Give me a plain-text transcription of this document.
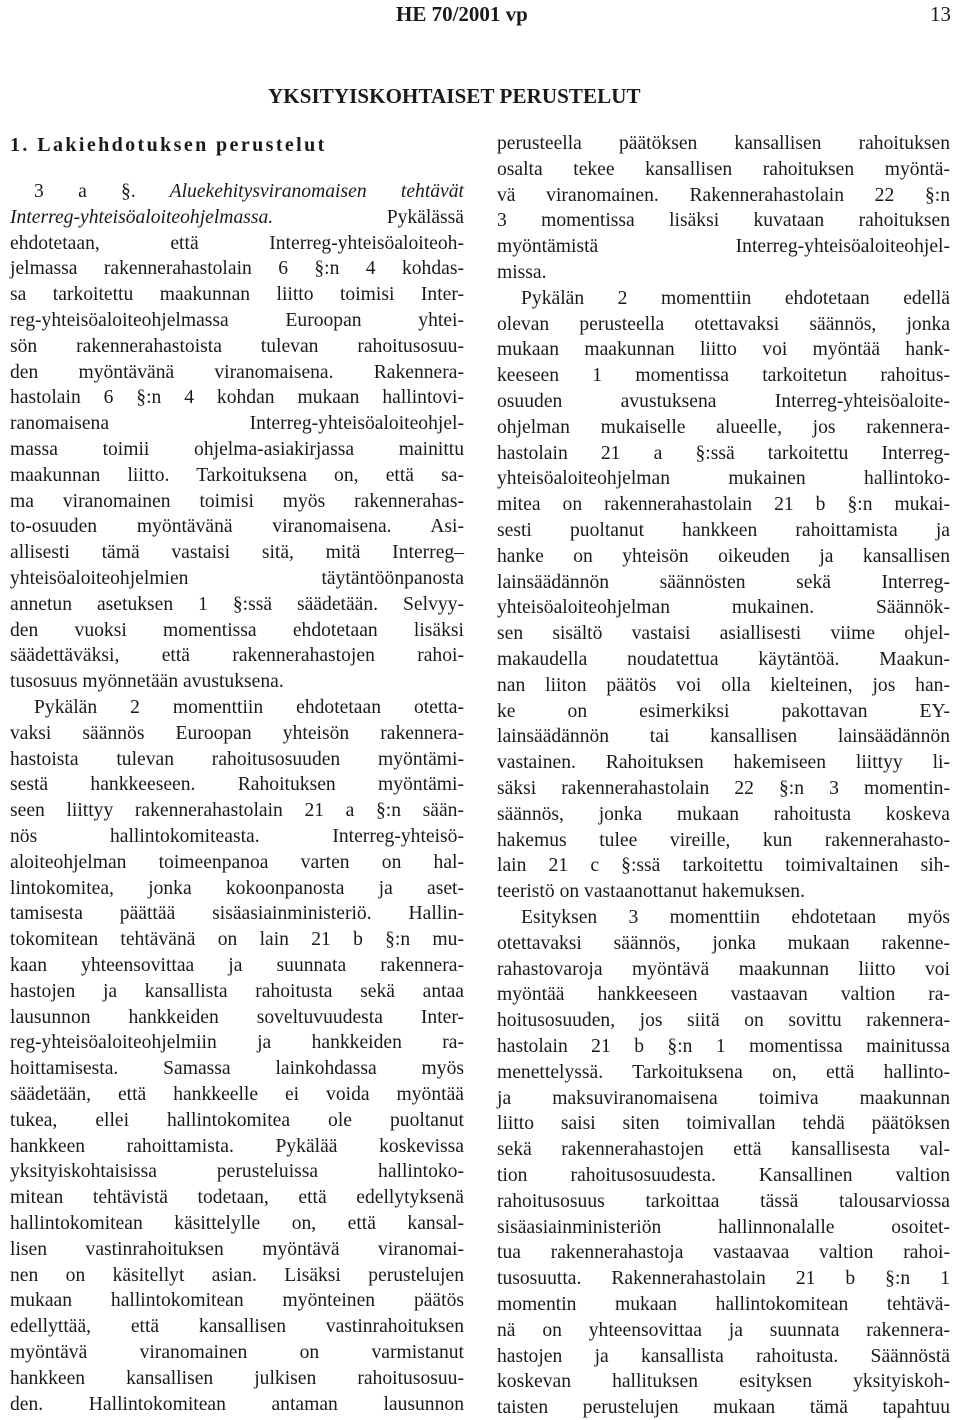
HE 70/2001 vp	13
YKSITYISKOHTAISET PERUSTELUT
1. Lakiehdotuksen perustelut
3 a §. Aluekehitysviranomaisen tehtävät
Interreg-yhteisöaloiteohjelmassa. Pykälässä
ehdotetaan, että Interreg-yhteisöaloiteoh-
jelmassa rakennerahastolain 6 §:n 4 kohdas-
sa tarkoitettu maakunnan liitto toimisi Inter-
reg-yhteisöaloiteohjelmassa Euroopan yhtei-
sön rakennerahastoista tulevan rahoitusosuu-
den myöntävänä viranomaisena. Rakennera-
hastolain 6 §:n 4 kohdan mukaan hallintovi-
ranomaisena Interreg-yhteisöaloiteohjel-
massa toimii ohjelma-asiakirjassa mainittu
maakunnan liitto. Tarkoituksena on, että sa-
ma viranomainen toimisi myös rakennerahas-
to-osuuden myöntävänä viranomaisena. Asi-
allisesti tämä vastaisi sitä, mitä Interreg–
yhteisöaloiteohjelmien täytäntöönpanosta
annetun asetuksen 1 §:ssä säädetään. Selvyy-
den vuoksi momentissa ehdotetaan lisäksi
säädettäväksi, että rakennerahastojen rahoi-
tusosuus myönnetään avustuksena.
Pykälän 2 momenttiin ehdotetaan otetta-
vaksi säännös Euroopan yhteisön rakennera-
hastoista tulevan rahoitusosuuden myöntämi-
sestä hankkeeseen. Rahoituksen myöntämi-
seen liittyy rakennerahastolain 21 a §:n sään-
nös hallintokomiteasta. Interreg-yhteisö-
aloiteohjelman toimeenpanoa varten on hal-
lintokomitea, jonka kokoonpanosta ja aset-
tamisesta päättää sisäasiainministeriö. Hallin-
tokomitean tehtävänä on lain 21 b §:n mu-
kaan yhteensovittaa ja suunnata rakennera-
hastojen ja kansallista rahoitusta sekä antaa
lausunnon hankkeiden soveltuvuudesta Inter-
reg-yhteisöaloiteohjelmiin ja hankkeiden ra-
hoittamisesta. Samassa lainkohdassa myös
säädetään, että hankkeelle ei voida myöntää
tukea, ellei hallintokomitea ole puoltanut
hankkeen rahoittamista. Pykälää koskevissa
yksityiskohtaisissa perusteluissa hallintoko-
mitean tehtävistä todetaan, että edellytyksenä
hallintokomitean käsittelylle on, että kansal-
lisen vastinrahoituksen myöntävä viranomai-
nen on käsitellyt asian. Lisäksi perustelujen
mukaan hallintokomitean myönteinen päätös
edellyttää, että kansallisen vastinrahoituksen
myöntävä viranomainen on varmistanut
hankkeen kansallisen julkisen rahoitusosuu-
den. Hallintokomitean antaman lausunnon
perusteella päätöksen kansallisen rahoituksen
osalta tekee kansallisen rahoituksen myöntä-
vä viranomainen. Rakennerahastolain 22 §:n
3 momentissa lisäksi kuvataan rahoituksen
myöntämistä Interreg-yhteisöaloiteohjel-
missa.
Pykälän 2 momenttiin ehdotetaan edellä
olevan perusteella otettavaksi säännös, jonka
mukaan maakunnan liitto voi myöntää hank-
keeseen 1 momentissa tarkoitetun rahoitus-
osuuden avustuksena Interreg-yhteisöaloite-
ohjelman mukaiselle alueelle, jos rakennera-
hastolain 21 a §:ssä tarkoitettu Interreg-
yhteisöaloiteohjelman mukainen hallintoko-
mitea on rakennerahastolain 21 b §:n mukai-
sesti puoltanut hankkeen rahoittamista ja
hanke on yhteisön oikeuden ja kansallisen
lainsäädännön säännösten sekä Interreg-
yhteisöaloiteohjelman mukainen. Säännök-
sen sisältö vastaisi asiallisesti viime ohjel-
makaudella noudatettua käytäntöä. Maakun-
nan liiton päätös voi olla kielteinen, jos han-
ke on esimerkiksi pakottavan EY-
lainsäädännön tai kansallisen lainsäädännön
vastainen. Rahoituksen hakemiseen liittyy li-
säksi rakennerahastolain 22 §:n 3 momentin-
säännös, jonka mukaan rahoitusta koskeva
hakemus tulee vireille, kun rakennerahasto-
lain 21 c §:ssä tarkoitettu toimivaltainen sih-
teeristö on vastaanottanut hakemuksen.
Esityksen 3 momenttiin ehdotetaan myös
otettavaksi säännös, jonka mukaan rakenne-
rahastovaroja myöntävä maakunnan liitto voi
myöntää hankkeeseen vastaavan valtion ra-
hoitusosuuden, jos siitä on sovittu rakennera-
hastolain 21 b §:n 1 momentissa mainitussa
menettelyssä. Tarkoituksena on, että hallinto-
ja maksuviranomaisena toimiva maakunnan
liitto saisi siten toimivallan tehdä päätöksen
sekä rakennerahastojen että kansallisesta val-
tion rahoitusosuudesta. Kansallinen valtion
rahoitusosuus tarkoittaa tässä talousarviossa
sisäasiainministeriön hallinnonalalle osoitet-
tua rakennerahastoja vastaavaa valtion rahoi-
tusosuutta. Rakennerahastolain 21 b §:n 1
momentin mukaan hallintokomitean tehtävä-
nä on yhteensovittaa ja suunnata rakennera-
hastojen ja kansallista rahoitusta. Säännöstä
koskevan hallituksen esityksen yksityiskoh-
taisten perustelujen mukaan tämä tapahtuu
